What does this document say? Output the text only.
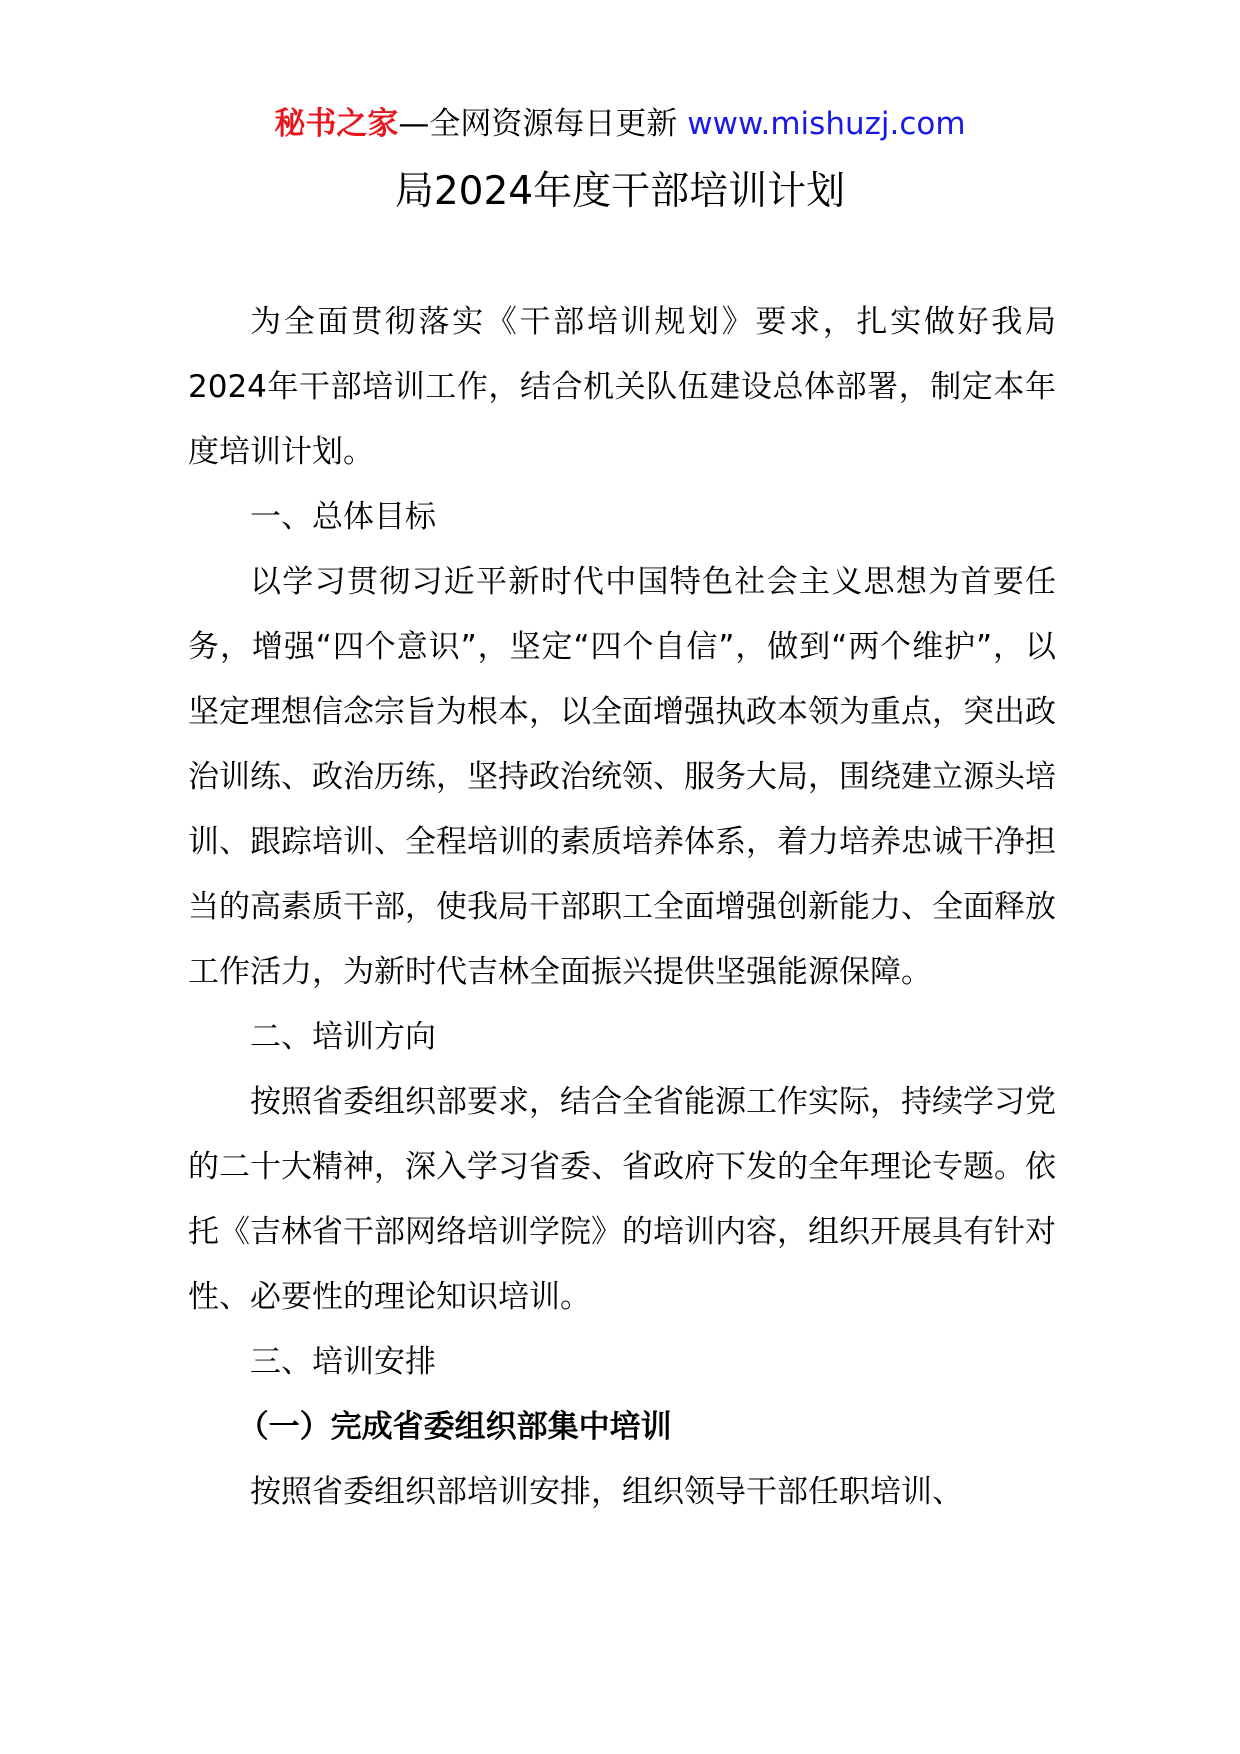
秘书之家—全网资源每日更新 www.mishuzj.com
局2024年度干部培训计划

为全面贯彻落实《干部培训规划》要求，扎实做好我局2024年干部培训工作，结合机关队伍建设总体部署，制定本年度培训计划。

一、总体目标

以学习贯彻习近平新时代中国特色社会主义思想为首要任务，增强“四个意识”，坚定“四个自信”，做到“两个维护”，以坚定理想信念宗旨为根本，以全面增强执政本领为重点，突出政治训练、政治历练，坚持政治统领、服务大局，围绕建立源头培训、跟踪培训、全程培训的素质培养体系，着力培养忠诚干净担当的高素质干部，使我局干部职工全面增强创新能力、全面释放工作活力，为新时代吉林全面振兴提供坚强能源保障。

二、培训方向

按照省委组织部要求，结合全省能源工作实际，持续学习党的二十大精神，深入学习省委、省政府下发的全年理论专题。依托《吉林省干部网络培训学院》的培训内容，组织开展具有针对性、必要性的理论知识培训。

三、培训安排

（一）完成省委组织部集中培训

按照省委组织部培训安排，组织领导干部任职培训、
